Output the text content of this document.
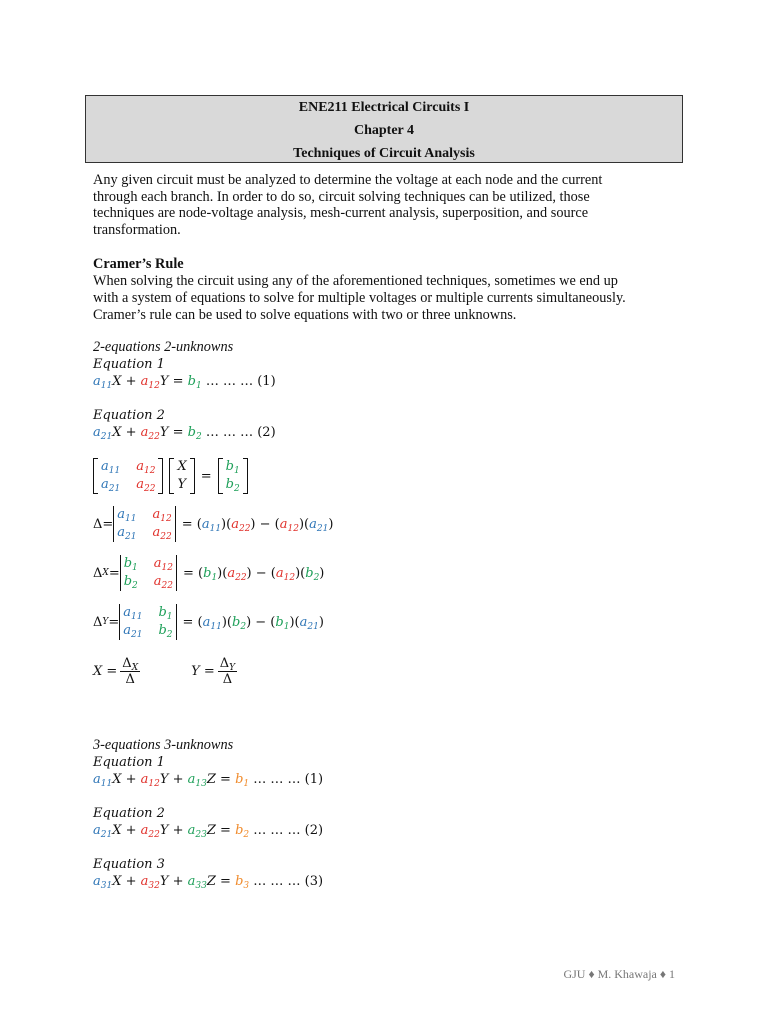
ENE211 Electrical Circuits I
Chapter 4
Techniques of Circuit Analysis
Any given circuit must be analyzed to determine the voltage at each node and the current
through each branch. In order to do so, circuit solving techniques can be utilized, those
techniques are node-voltage analysis, mesh-current analysis, superposition, and source
transformation.
Cramer’s Rule
When solving the circuit using any of the aforementioned techniques, sometimes we end up
with a system of equations to solve for multiple voltages or multiple currents simultaneously.
Cramer’s rule can be used to solve equations with two or three unknowns.
2-equations 2-unknowns
Equation 1
$a_{11}X + a_{12}Y = b_1$ … … … (1)
Equation 2
$a_{21}X + a_{22}Y = b_2$ … … … (2)
$a_{11}$ $a_{12}$
$a_{21}$ $a_{22}$
X
Y
=
$b_1$
$b_2$
Δ=
$a_{11}$ $a_{12}$
$a_{21}$ $a_{22}$
= ( $a_{11}$ )( $a_{22}$ ) − ( $a_{12}$ )( $a_{21}$ )
Δ X =
$b_1$ $a_{12}$
$b_2$ $a_{22}$
= ( $b_1$ )( $a_{22}$ ) − ( $a_{12}$ )( $b_2$ )
Δ Y =
$a_{11}$ $b_1$
$a_{21}$ $b_2$
= ( $a_{11}$ )( $b_2$ ) − ( $b_1$ )( $a_{21}$ )
$X = \frac{\Delta_X}{\Delta}$	$Y = \frac{\Delta_Y}{\Delta}$
3-equations 3-unknowns
Equation 1
$a_{11}X + a_{12}Y + a_{13}Z = b_1$ … … … (1)
Equation 2
$a_{21}X + a_{22}Y + a_{23}Z = b_2$ … … … (2)
Equation 3
$a_{31}X + a_{32}Y + a_{33}Z = b_3$ … … … (3)
GJU ♦ M. Khawaja ♦ 1
